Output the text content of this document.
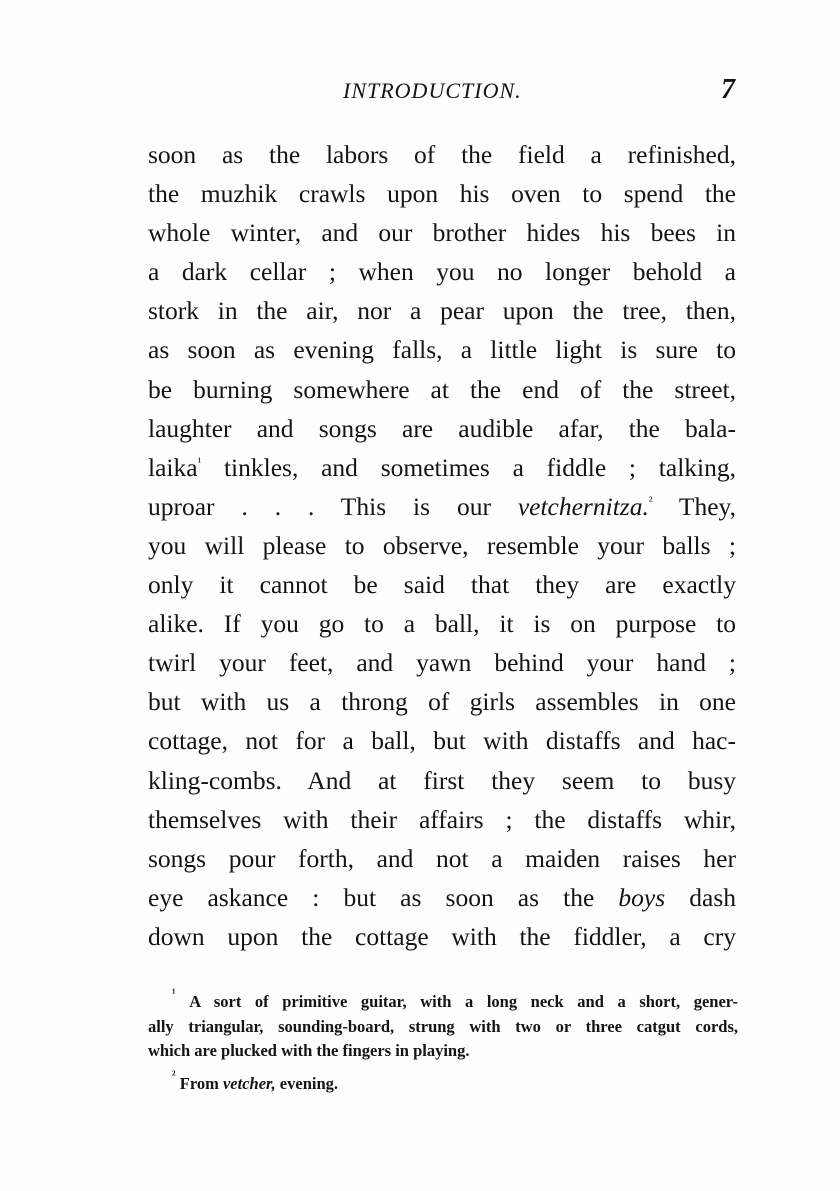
INTRODUCTION.	7
soon as the labors of the field a refinished,
the muzhik crawls upon his oven to spend the
whole winter, and our brother hides his bees in
a dark cellar ; when you no longer behold a
stork in the air, nor a pear upon the tree, then,
as soon as evening falls, a little light is sure to
be burning somewhere at the end of the street,
laughter and songs are audible afar, the bala-
laika$^{^1}$ tinkles, and sometimes a fiddle ; talking,
uproar . . . This is our vetchernitza.$^{^2}$ They,
you will please to observe, resemble your balls ;
only it cannot be said that they are exactly
alike. If you go to a ball, it is on purpose to
twirl your feet, and yawn behind your hand ;
but with us a throng of girls assembles in one
cottage, not for a ball, but with distaffs and hac-
kling-combs. And at first they seem to busy
themselves with their affairs ; the distaffs whir,
songs pour forth, and not a maiden raises her
eye askance : but as soon as the boys dash
down upon the cottage with the fiddler, a cry
$^{^1}$ A sort of primitive guitar, with a long neck and a short, gener-
ally triangular, sounding-board, strung with two or three catgut cords,
which are plucked with the fingers in playing.
$^{^2}$ From vetcher, evening.
